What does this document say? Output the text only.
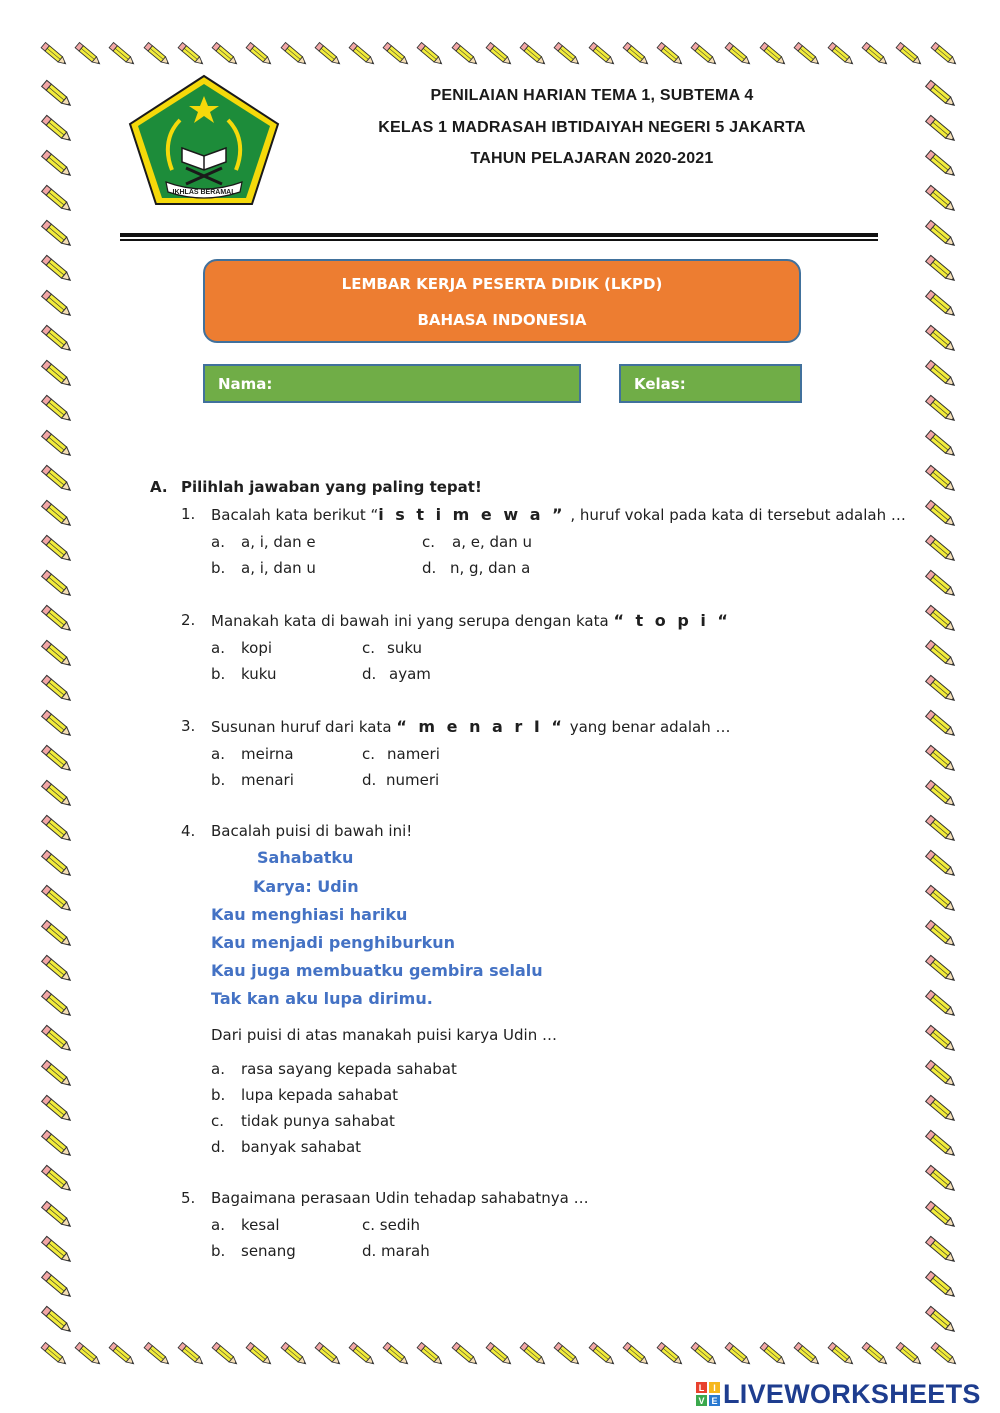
IKHLAS BERAMAL
PENILAIAN HARIAN TEMA 1, SUBTEMA 4
KELAS 1 MADRASAH IBTIDAIYAH NEGERI 5 JAKARTA
TAHUN PELAJARAN 2020-2021
LEMBAR KERJA PESERTA DIDIK (LKPD)
BAHASA INDONESIA
Nama:	Kelas:
A. Pilihlah jawaban yang paling tepat!
1. Bacalah kata berikut “i s t i m e w a ” , huruf vokal pada kata di tersebut adalah …
a. a, i, dan e	c. a, e, dan u
b. a, i, dan u	d. n, g, dan a
2. Manakah kata di bawah ini yang serupa dengan kata “ t o p i “
a. kopi	c. suku
b. kuku	d. ayam
3. Susunan huruf dari kata “ m e n a r I “ yang benar adalah …
a. meirna	c. nameri
b. menari	d. numeri
4. Bacalah puisi di bawah ini!
Sahabatku
Karya: Udin
Kau menghiasi hariku
Kau menjadi penghiburkun
Kau juga membuatku gembira selalu
Tak kan aku lupa dirimu.
Dari puisi di atas manakah puisi karya Udin …
a. rasa sayang kepada sahabat
b. lupa kepada sahabat
c. tidak punya sahabat
d. banyak sahabat
5. Bagaimana perasaan Udin tehadap sahabatnya …
a. kesal	c. sedih
b. senang	d. marah
L I
V E LIVEWORKSHEETS
